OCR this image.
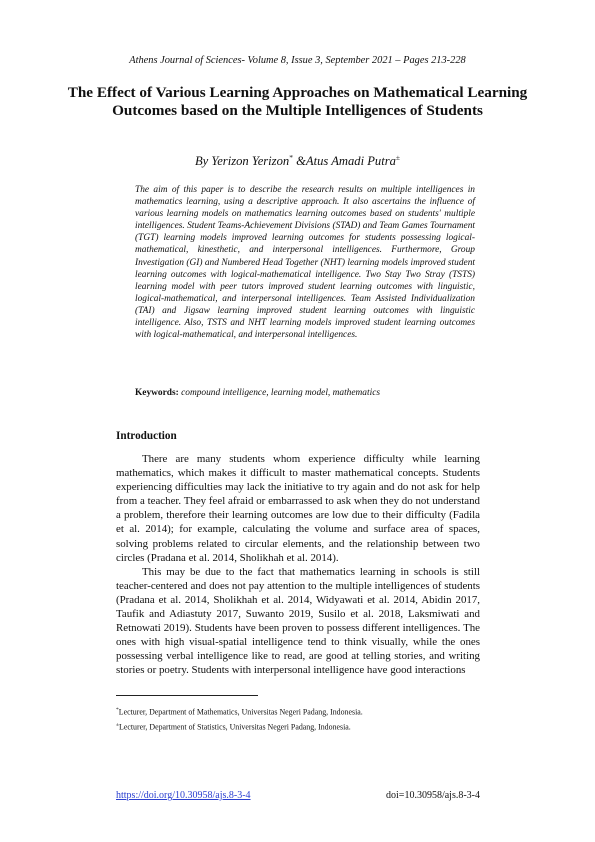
Athens Journal of Sciences- Volume 8, Issue 3, September 2021 – Pages 213-228
The Effect of Various Learning Approaches on Mathematical Learning Outcomes based on the Multiple Intelligences of Students
By Yerizon Yerizon* &Atus Amadi Putra±
The aim of this paper is to describe the research results on multiple intelligences in mathematics learning, using a descriptive approach. It also ascertains the influence of various learning models on mathematics learning outcomes based on students' multiple intelligences. Student Teams-Achievement Divisions (STAD) and Team Games Tournament (TGT) learning models improved learning outcomes for students possessing logical-mathematical, kinesthetic, and interpersonal intelligences. Furthermore, Group Investigation (GI) and Numbered Head Together (NHT) learning models improved student learning outcomes with logical-mathematical intelligence. Two Stay Two Stray (TSTS) learning model with peer tutors improved student learning outcomes with linguistic, logical-mathematical, and interpersonal intelligences. Team Assisted Individualization (TAI) and Jigsaw learning improved student learning outcomes with linguistic intelligence. Also, TSTS and NHT learning models improved student learning outcomes with logical-mathematical, and interpersonal intelligences.
Keywords: compound intelligence, learning model, mathematics
Introduction

There are many students whom experience difficulty while learning mathematics, which makes it difficult to master mathematical concepts. Students experiencing difficulties may lack the initiative to try again and do not ask for help from a teacher. They feel afraid or embarrassed to ask when they do not understand a problem, therefore their learning outcomes are low due to their difficulty (Fadila et al. 2014); for example, calculating the volume and surface area of spaces, solving problems related to circular elements, and the relationship between two circles (Pradana et al. 2014, Sholikhah et al. 2014).

This may be due to the fact that mathematics learning in schools is still teacher-centered and does not pay attention to the multiple intelligences of students (Pradana et al. 2014, Sholikhah et al. 2014, Widyawati et al. 2014, Abidin 2017, Taufik and Adiastuty 2017, Suwanto 2019, Susilo et al. 2018, Laksmiwati and Retnowati 2019). Students have been proven to possess different intelligences. The ones with high visual-spatial intelligence tend to think visually, while the ones possessing verbal intelligence like to read, are good at telling stories, and writing stories or poetry. Students with interpersonal intelligence have good interactions

*Lecturer, Department of Mathematics, Universitas Negeri Padang, Indonesia.
±Lecturer, Department of Statistics, Universitas Negeri Padang, Indonesia.
https://doi.org/10.30958/ajs.8-3-4	doi=10.30958/ajs.8-3-4
